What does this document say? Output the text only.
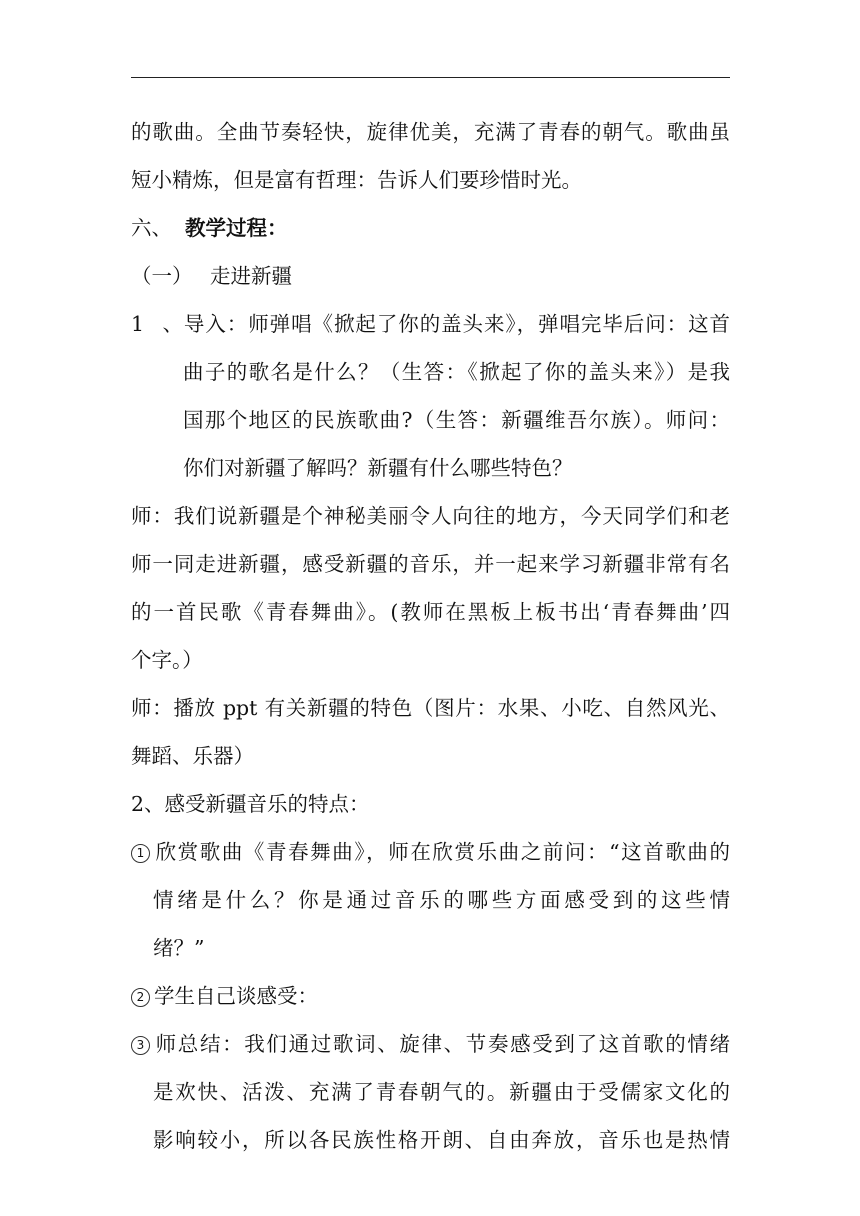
的歌曲。全曲节奏轻快，旋律优美，充满了青春的朝气。歌曲虽
短小精炼，但是富有哲理：告诉人们要珍惜时光。
六、 教学过程：
（一） 走进新疆
1、导入：师弹唱《掀起了你的盖头来》，弹唱完毕后问：这首
曲子的歌名是什么？（生答：《掀起了你的盖头来》）是我
国那个地区的民族歌曲?（生答：新疆维吾尔族）。师问：
你们对新疆了解吗？新疆有什么哪些特色？
师：我们说新疆是个神秘美丽令人向往的地方，今天同学们和老
师一同走进新疆，感受新疆的音乐，并一起来学习新疆非常有名
的一首民歌《青春舞曲》。(教师在黑板上板书出‘青春舞曲’四
个字。）
师：播放 ppt 有关新疆的特色（图片：水果、小吃、自然风光、
舞蹈、乐器）
2、感受新疆音乐的特点：
1 欣赏歌曲《青春舞曲》，师在欣赏乐曲之前问：“这首歌曲的
情绪是什么？你是通过音乐的哪些方面感受到的这些情
绪？”
2 学生自己谈感受：
3 师总结：我们通过歌词、旋律、节奏感受到了这首歌的情绪
是欢快、活泼、充满了青春朝气的。新疆由于受儒家文化的
影响较小，所以各民族性格开朗、自由奔放，音乐也是热情
